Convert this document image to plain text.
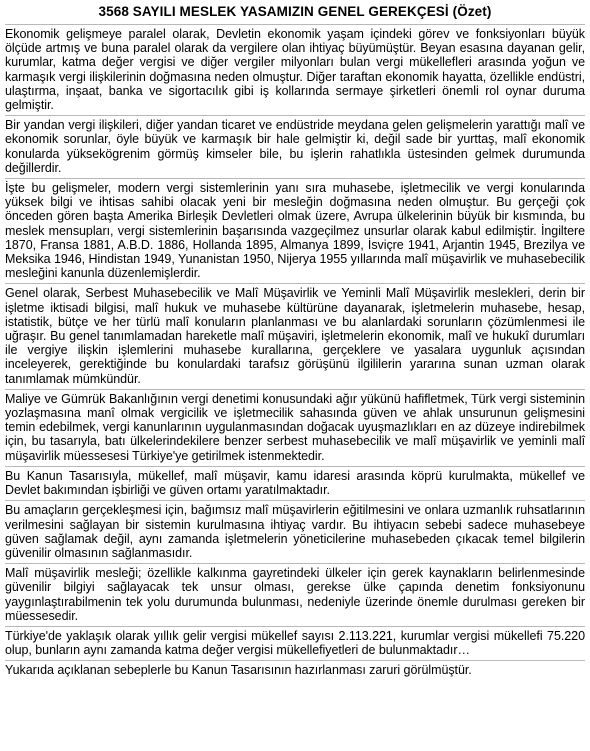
3568 SAYILI MESLEK YASAMIZIN GENEL GEREKÇESİ (Özet)
Ekonomik gelişmeye paralel olarak, Devletin ekonomik yaşam içindeki görev ve fonksiyonları büyük ölçüde artmış ve buna paralel olarak da vergilere olan ihtiyaç büyümüştür. Beyan esasına dayanan gelir, kurumlar, katma değer vergisi ve diğer vergiler milyonları bulan vergi mükellefleri arasında yoğun ve karmaşık vergi ilişkilerinin doğmasına neden olmuştur. Diğer taraftan ekonomik hayatta, özellikle endüstri, ulaştırma, inşaat, banka ve sigortacılık gibi iş kollarında sermaye şirketleri önemli rol oynar duruma gelmiştir.
Bir yandan vergi ilişkileri, diğer yandan ticaret ve endüstride meydana gelen gelişmelerin yarattığı malî ve ekonomik sorunlar, öyle büyük ve karmaşık bir hale gelmiştir ki, değil sade bir yurttaş, malî ekonomik konularda yüksekögrenim görmüş kimseler bile, bu işlerin rahatlıkla üstesinden gelmek durumunda değillerdir.
İşte bu gelişmeler, modern vergi sistemlerinin yanı sıra muhasebe, işletmecilik ve vergi konularında yüksek bilgi ve ihtisas sahibi olacak yeni bir mesleğin doğmasına neden olmuştur. Bu gerçeği çok önceden gören başta Amerika Birleşik Devletleri olmak üzere, Avrupa ülkelerinin büyük bir kısmında, bu meslek mensupları, vergi sistemlerinin başarısında vazgeçilmez unsurlar olarak kabul edilmiştir. İngiltere 1870, Fransa 1881, A.B.D. 1886, Hollanda 1895, Almanya 1899, İsviçre 1941, Arjantin 1945, Brezilya ve Meksika 1946, Hindistan 1949, Yunanistan 1950, Nijerya 1955 yıllarında malî müşavirlik ve muhasebecilik mesleğini kanunla düzenlemişlerdir.
Genel olarak, Serbest Muhasebecilik ve Malî Müşavirlik ve Yeminli Malî Müşavirlik meslekleri, derin bir işletme iktisadi bilgisi, malî hukuk ve muhasebe kültürüne dayanarak, işletmelerin muhasebe, hesap, istatistik, bütçe ve her türlü malî konuların planlanması ve bu alanlardaki sorunların çözümlenmesi ile uğraşır. Bu genel tanımlamadan hareketle malî müşaviri, işletmelerin ekonomik, malî ve hukukî durumları ile vergiye ilişkin işlemlerini muhasebe kurallarına, gerçeklere ve yasalara uygunluk açısından inceleyerek, gerektiğinde bu konulardaki tarafsız görüşünü ilgililerin yararına sunan uzman olarak tanımlamak mümkündür.
Maliye ve Gümrük Bakanlığının vergi denetimi konusundaki ağır yükünü hafifletmek, Türk vergi sisteminin yozlaşmasına manî olmak vergicilik ve işletmecilik sahasında güven ve ahlak unsurunun gelişmesini temin edebilmek, vergi kanunlarının uygulanmasından doğacak uyuşmazlıkları en az düzeye indirebilmek için, bu tasarıyla, batı ülkelerindekilere benzer serbest muhasebecilik ve malî müşavirlik ve yeminli malî müşavirlik müessesesi Türkiye'ye getirilmek istenmektedir.
Bu Kanun Tasarısıyla, mükellef, malî müşavir, kamu idaresi arasında köprü kurulmakta, mükellef ve Devlet bakımından işbirliği ve güven ortamı yaratılmaktadır.
Bu amaçların gerçekleşmesi için, bağımsız malî müşavirlerin eğitilmesini ve onlara uzmanlık ruhsatlarının verilmesini sağlayan bir sistemin kurulmasına ihtiyaç vardır. Bu ihtiyacın sebebi sadece muhasebeye güven sağlamak değil, aynı zamanda işletmelerin yöneticilerine muhasebeden çıkacak temel bilgilerin güvenilir olmasının sağlanmasıdır.
Malî müşavirlik mesleği; özellikle kalkınma gayretindeki ülkeler için gerek kaynakların belirlenmesinde güvenilir bilgiyi sağlayacak tek unsur olması, gerekse ülke çapında denetim fonksiyonunu yaygınlaştırabilmenin tek yolu durumunda bulunması, nedeniyle üzerinde önemle durulması gereken bir müessesedir.
Türkiye'de yaklaşık olarak yıllık gelir vergisi mükellef sayısı 2.113.221, kurumlar vergisi mükellefi 75.220 olup, bunların aynı zamanda katma değer vergisi mükellefiyetleri de bulunmaktadır…
Yukarıda açıklanan sebeplerle bu Kanun Tasarısının hazırlanması zaruri görülmüştür.
